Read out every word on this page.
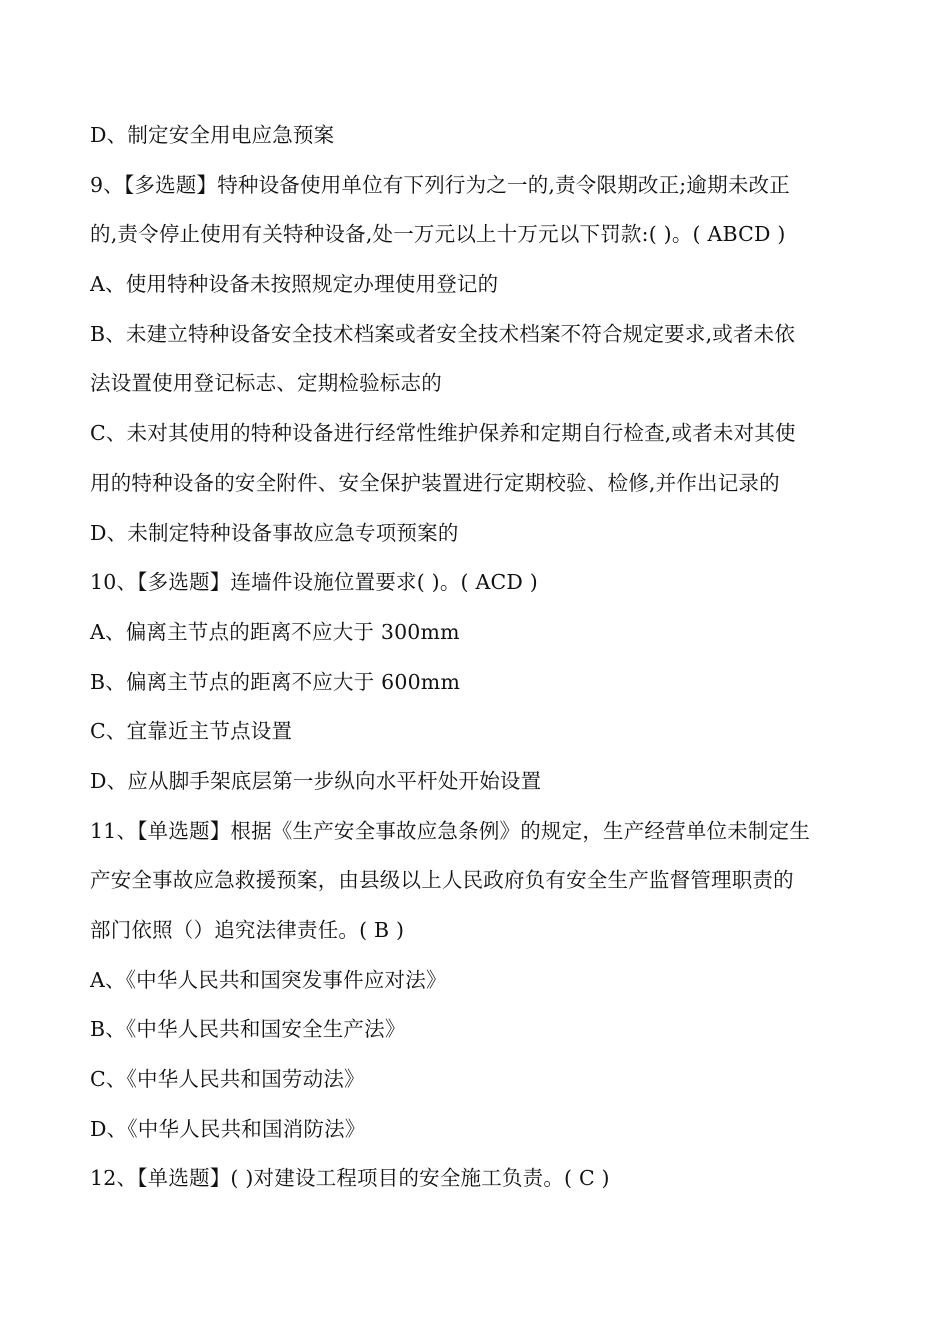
D、制定安全用电应急预案
9、【多选题】特种设备使用单位有下列行为之一的,责令限期改正;逾期未改正
的,责令停止使用有关特种设备,处一万元以上十万元以下罚款:( )。( ABCD )
A、使用特种设备未按照规定办理使用登记的
B、未建立特种设备安全技术档案或者安全技术档案不符合规定要求,或者未依
法设置使用登记标志、定期检验标志的
C、未对其使用的特种设备进行经常性维护保养和定期自行检查,或者未对其使
用的特种设备的安全附件、安全保护装置进行定期校验、检修,并作出记录的
D、未制定特种设备事故应急专项预案的
10、【多选题】连墙件设施位置要求( )。( ACD )
A、偏离主节点的距离不应大于 300mm
B、偏离主节点的距离不应大于 600mm
C、宜靠近主节点设置
D、应从脚手架底层第一步纵向水平杆处开始设置
11、【单选题】根据《生产安全事故应急条例》的规定，生产经营单位未制定生
产安全事故应急救援预案，由县级以上人民政府负有安全生产监督管理职责的
部门依照（）追究法律责任。( B )
A、《中华人民共和国突发事件应对法》
B、《中华人民共和国安全生产法》
C、《中华人民共和国劳动法》
D、《中华人民共和国消防法》
12、【单选题】( )对建设工程项目的安全施工负责。( C )
